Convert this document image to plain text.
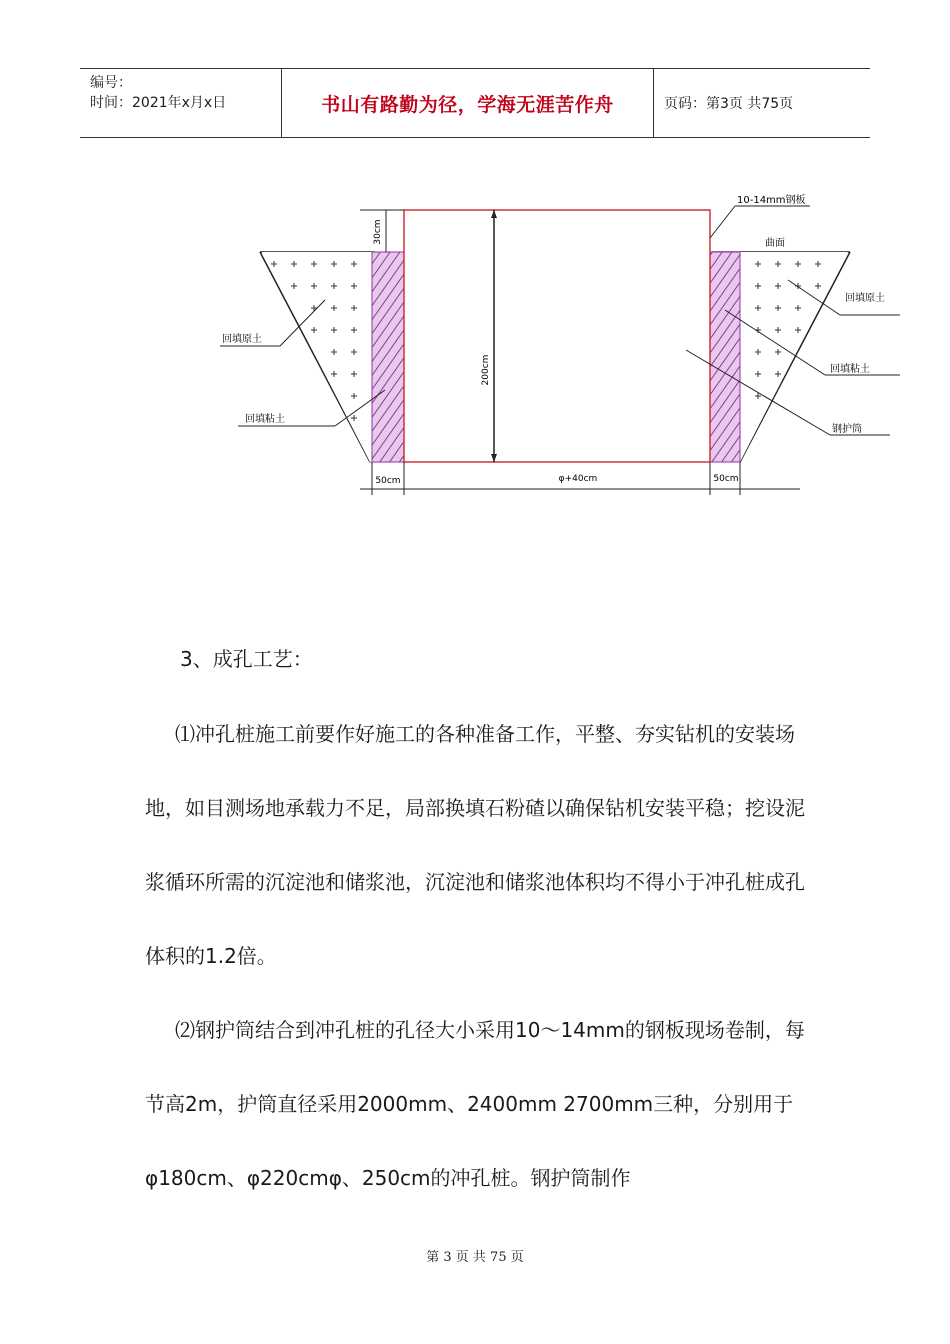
编号：
时间：2021年x月x日	书山有路勤为径，学海无涯苦作舟	页码：第3页 共75页
30cm
200cm
50cm	φ+40cm	50cm
10-14mm钢板
曲面
回填原土
回填粘土
钢护筒
回填原土
回填粘土
3、成孔工艺：

⑴冲孔桩施工前要作好施工的各种准备工作，平整、夯实钻机的安装场地，如目测场地承载力不足，局部换填石粉碴以确保钻机安装平稳；挖设泥浆循环所需的沉淀池和储浆池，沉淀池和储浆池体积均不得小于冲孔桩成孔体积的1.2倍。

⑵钢护筒结合到冲孔桩的孔径大小采用10～14mm的钢板现场卷制，每节高2m，护筒直径采用2000mm、2400mm 2700mm三种，分别用于φ180cm、φ220cmφ、250cm的冲孔桩。钢护筒制作

第 3 页 共 75 页
